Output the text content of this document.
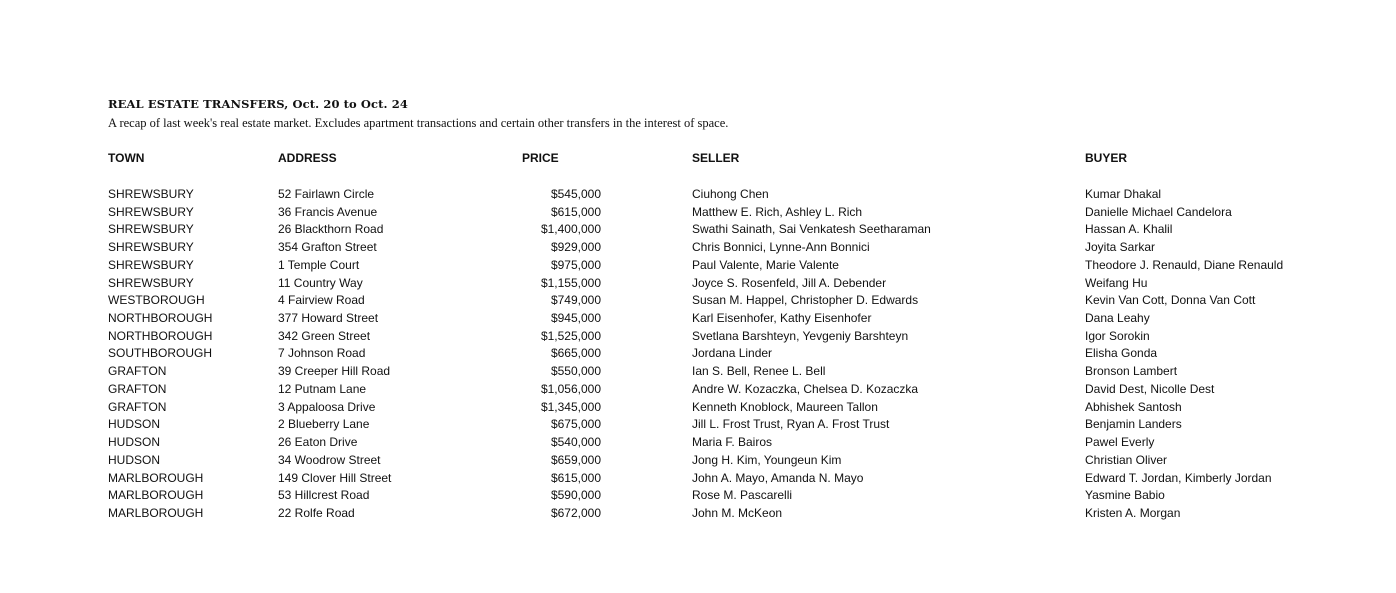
REAL ESTATE TRANSFERS, Oct. 20 to Oct. 24
A recap of last week's real estate market. Excludes apartment transactions and certain other transfers in the interest of space.
TOWN	ADDRESS	PRICE	SELLER	BUYER
SHREWSBURY	52 Fairlawn Circle	$545,000	Ciuhong Chen	Kumar Dhakal
SHREWSBURY	36 Francis Avenue	$615,000	Matthew E. Rich, Ashley L. Rich	Danielle Michael Candelora
SHREWSBURY	26 Blackthorn Road	$1,400,000	Swathi Sainath, Sai Venkatesh Seetharaman	Hassan A. Khalil
SHREWSBURY	354 Grafton Street	$929,000	Chris Bonnici, Lynne-Ann Bonnici	Joyita Sarkar
SHREWSBURY	1 Temple Court	$975,000	Paul Valente, Marie Valente	Theodore J. Renauld, Diane Renauld
SHREWSBURY	11 Country Way	$1,155,000	Joyce S. Rosenfeld, Jill A. Debender	Weifang Hu
WESTBOROUGH	4 Fairview Road	$749,000	Susan M. Happel, Christopher D. Edwards	Kevin Van Cott, Donna Van Cott
NORTHBOROUGH	377 Howard Street	$945,000	Karl Eisenhofer, Kathy Eisenhofer	Dana Leahy
NORTHBOROUGH	342 Green Street	$1,525,000	Svetlana Barshteyn, Yevgeniy Barshteyn	Igor Sorokin
SOUTHBOROUGH	7 Johnson Road	$665,000	Jordana Linder	Elisha Gonda
GRAFTON	39 Creeper Hill Road	$550,000	Ian S. Bell, Renee L. Bell	Bronson Lambert
GRAFTON	12 Putnam Lane	$1,056,000	Andre W. Kozaczka, Chelsea D. Kozaczka	David Dest, Nicolle Dest
GRAFTON	3 Appaloosa Drive	$1,345,000	Kenneth Knoblock, Maureen Tallon	Abhishek Santosh
HUDSON	2 Blueberry Lane	$675,000	Jill L. Frost Trust, Ryan A. Frost Trust	Benjamin Landers
HUDSON	26 Eaton Drive	$540,000	Maria F. Bairos	Pawel Everly
HUDSON	34 Woodrow Street	$659,000	Jong H. Kim, Youngeun Kim	Christian Oliver
MARLBOROUGH	149 Clover Hill Street	$615,000	John A. Mayo, Amanda N. Mayo	Edward T. Jordan, Kimberly Jordan
MARLBOROUGH	53 Hillcrest Road	$590,000	Rose M. Pascarelli	Yasmine Babio
MARLBOROUGH	22 Rolfe Road	$672,000	John M. McKeon	Kristen A. Morgan
